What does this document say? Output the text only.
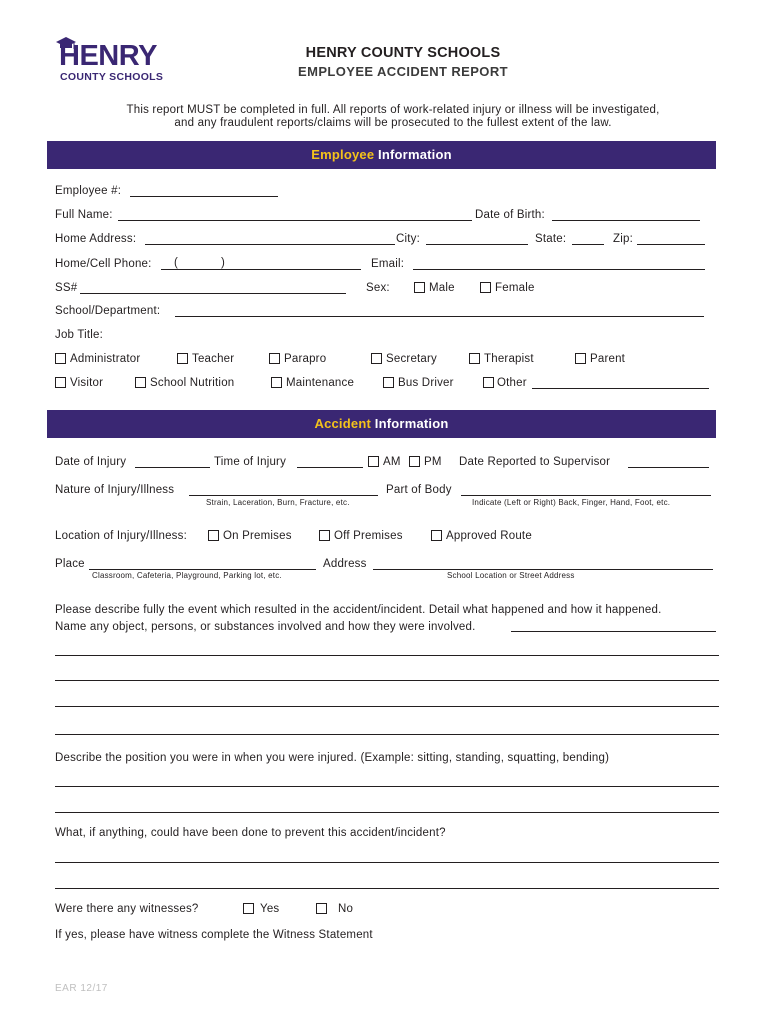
HENRY
COUNTY SCHOOLS
HENRY COUNTY SCHOOLS
EMPLOYEE ACCIDENT REPORT
This report MUST be completed in full. All reports of work-related injury or illness will be investigated,
and any fraudulent reports/claims will be prosecuted to the fullest extent of the law.
Employee Information
Employee #:
Full Name:	Date of Birth:
Home Address:	City:	State:	Zip:
Home/Cell Phone: (	)	Email:
SS#	Sex:	Male	Female
School/Department:
Job Title:
Administrator	Teacher	Parapro	Secretary	Therapist	Parent
Visitor	School Nutrition	Maintenance	Bus Driver	Other
Accident Information
Date of Injury	Time of Injury	AM PM Date Reported to Supervisor
Nature of Injury/Illness
Strain, Laceration, Burn, Fracture, etc.
Part of Body
Indicate (Left or Right) Back, Finger, Hand, Foot, etc.
Location of Injury/Illness:	On Premises	Off Premises	Approved Route
Place
Classroom, Cafeteria, Playground, Parking lot, etc.
Address
School Location or Street Address
Please describe fully the event which resulted in the accident/incident. Detail what happened and how it happened.
Name any object, persons, or substances involved and how they were involved.
Describe the position you were in when you were injured. (Example: sitting, standing, squatting, bending)
What, if anything, could have been done to prevent this accident/incident?
Were there any witnesses?	Yes	No
If yes, please have witness complete the Witness Statement
EAR 12/17
